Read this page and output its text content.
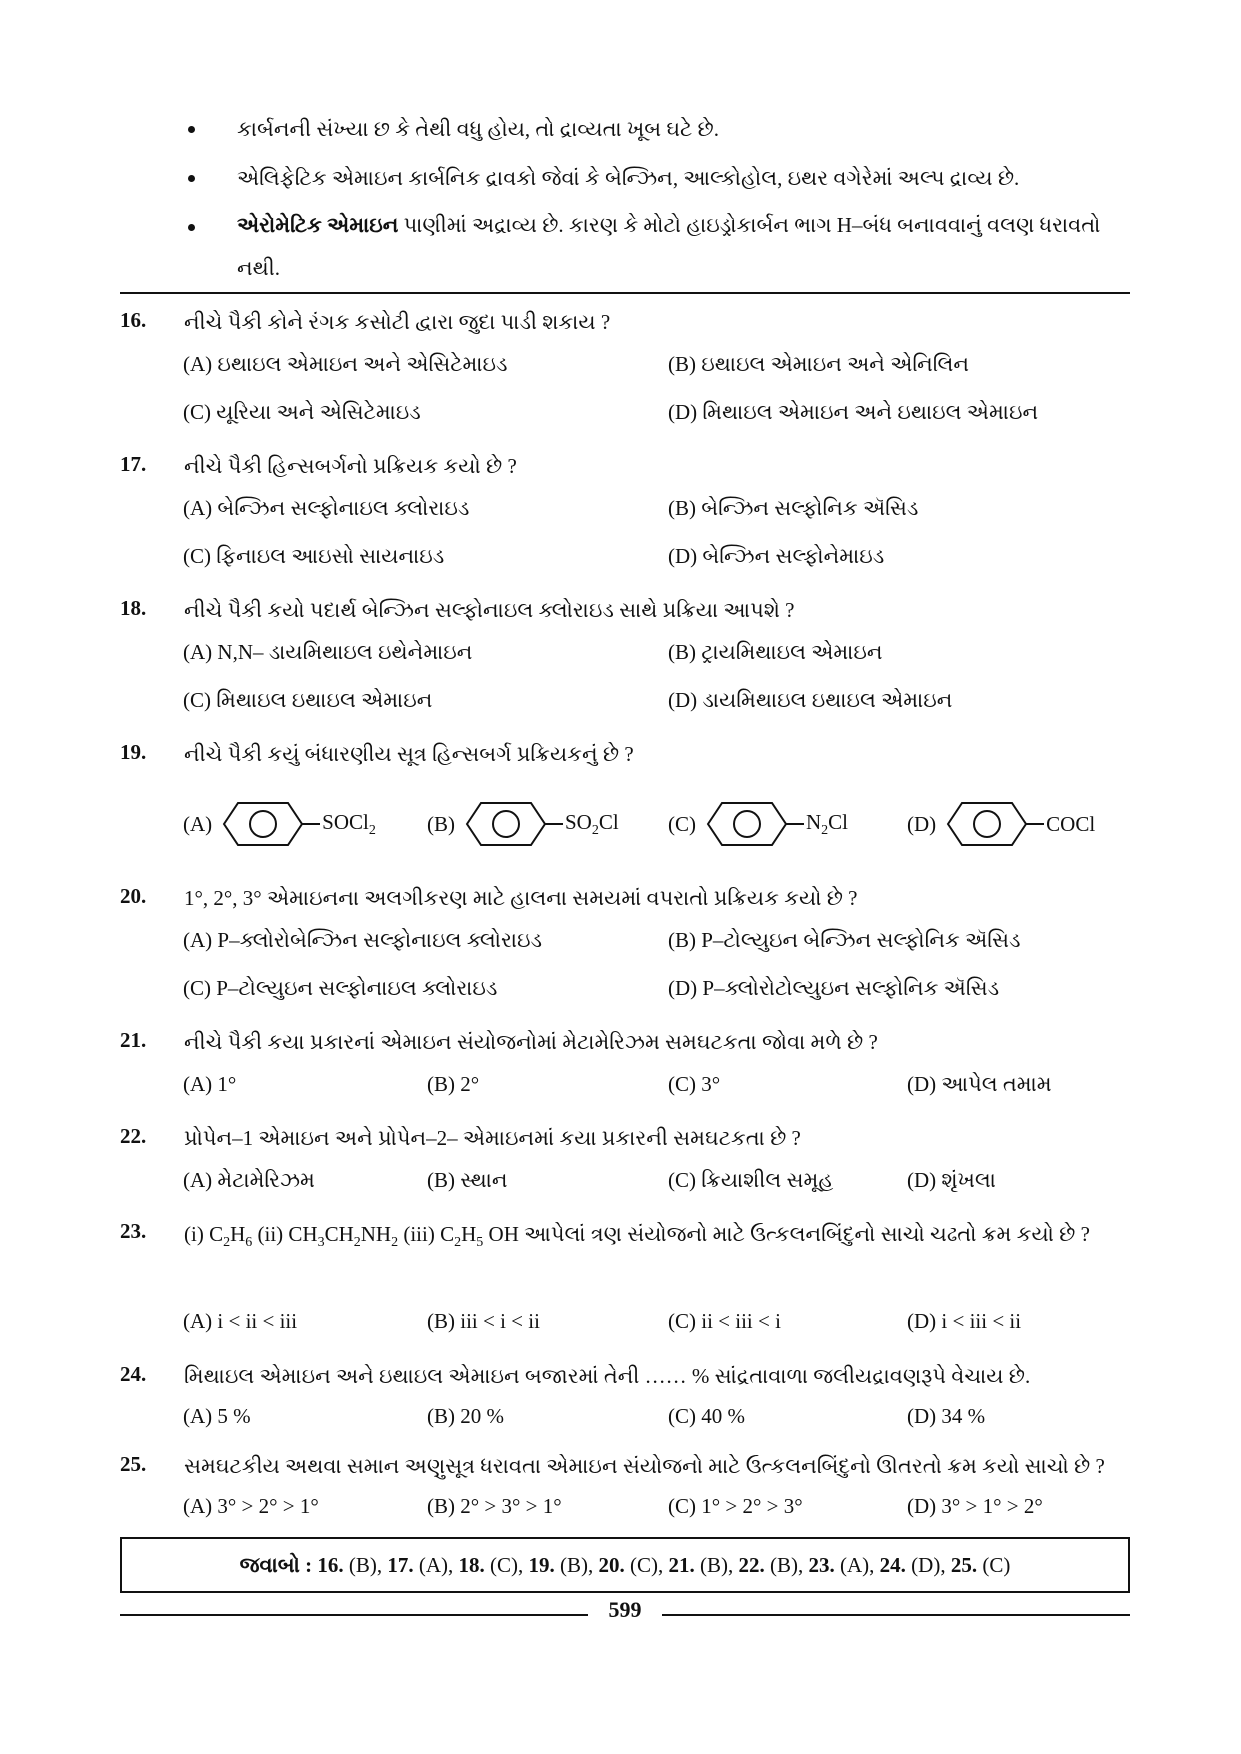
કાર્બનની સંખ્યા છ કે તેથી વધુ હોય, તો દ્રાવ્યતા ખૂબ ઘટે છે.
એલિફેટિક એમાઇન કાર્બનિક દ્રાવકો જેવાં કે બેન્ઝિન, આલ્કોહોલ, ઇથર વગેરેમાં અલ્પ દ્રાવ્ય છે.
એરોમેટિક એમાઇન પાણીમાં અદ્રાવ્ય છે. કારણ કે મોટો હાઇડ્રોકાર્બન ભાગ H–બંધ બનાવવાનું વલણ ધરાવતો નથી.
16. નીચે પૈકી કોને રંગક કસોટી દ્વારા જુદા પાડી શકાય ?
(A) ઇથાઇલ એમાઇન અને એસિટેમાઇડ	(B) ઇથાઇલ એમાઇન અને એનિલિન
(C) યૂરિયા અને એસિટેમાઇડ	(D) મિથાઇલ એમાઇન અને ઇથાઇલ એમાઇન
17. નીચે પૈકી હિન્સબર્ગનો પ્રક્રિયક કયો છે ?
(A) બેન્ઝિન સલ્ફોનાઇલ ક્લોરાઇડ	(B) બેન્ઝિન સલ્ફોનિક ઍસિડ
(C) ફિનાઇલ આઇસો સાયનાઇડ	(D) બેન્ઝિન સલ્ફોનેમાઇડ
18. નીચે પૈકી કયો પદાર્થ બેન્ઝિન સલ્ફોનાઇલ ક્લોરાઇડ સાથે પ્રક્રિયા આપશે ?
(A) N,N– ડાયમિથાઇલ ઇથેનેમાઇન	(B) ટ્રાયમિથાઇલ એમાઇન
(C) મિથાઇલ ઇથાઇલ એમાઇન	(D) ડાયમિથાઇલ ઇથાઇલ એમાઇન
19. નીચે પૈકી કયું બંધારણીય સૂત્ર હિન્સબર્ગ પ્રક્રિયકનું છે ?
(A)	SOCl$_2$ (B)	$SO_2Cl$ (C)	$N_2Cl$	(D)	COCl
20. 1°, 2°, 3° એમાઇનના અલગીકરણ માટે હાલના સમયમાં વપરાતો પ્રક્રિયક કયો છે ?
(A) P–ક્લોરોબેન્ઝિન સલ્ફોનાઇલ ક્લોરાઇડ	(B) P–ટોલ્યુઇન બેન્ઝિન સલ્ફોનિક ઍસિડ
(C) P–ટોલ્યુઇન સલ્ફોનાઇલ ક્લોરાઇડ	(D) P–ક્લોરોટોલ્યુઇન સલ્ફોનિક ઍસિડ
21. નીચે પૈકી કયા પ્રકારનાં એમાઇન સંયોજનોમાં મેટામેરિઝમ સમઘટકતા જોવા મળે છે ?
(A) 1°	(B) 2°	(C) 3°	(D) આપેલ તમામ
22. પ્રોપેન–1 એમાઇન અને પ્રોપેન–2– એમાઇનમાં કયા પ્રકારની સમઘટકતા છે ?
(A) મેટામેરિઝમ	(B) સ્થાન	(C) ક્રિયાશીલ સમૂહ	(D) શૃંખલા
23. (i) $C_2H_6$ (ii) $CH_3CH_2NH_2$ (iii) $C_2H_5$ OH આપેલાં ત્રણ સંયોજનો માટે ઉત્કલનબિંદુનો સાચો ચઢતો ક્રમ કયો છે ?
(A) i < ii < iii	(B) iii < i < ii	(C) ii < iii < i	(D) i < iii < ii
24. મિથાઇલ એમાઇન અને ઇથાઇલ એમાઇન બજારમાં તેની …… % સાંદ્રતાવાળા જલીયદ્રાવણરૂપે વેચાય છે.
(A) 5 %	(B) 20 %	(C) 40 %	(D) 34 %
25. સમઘટકીય અથવા સમાન અણુસૂત્ર ધરાવતા એમાઇન સંયોજનો માટે ઉત્કલનબિંદુનો ઊતરતો ક્રમ કયો સાચો છે ?
(A) 3° > 2° > 1°	(B) 2° > 3° > 1°	(C) 1° > 2° > 3°	(D) 3° > 1° > 2°
જવાબો : 16. (B), 17. (A), 18. (C), 19. (B), 20. (C), 21. (B), 22. (B), 23. (A), 24. (D), 25. (C)
599
